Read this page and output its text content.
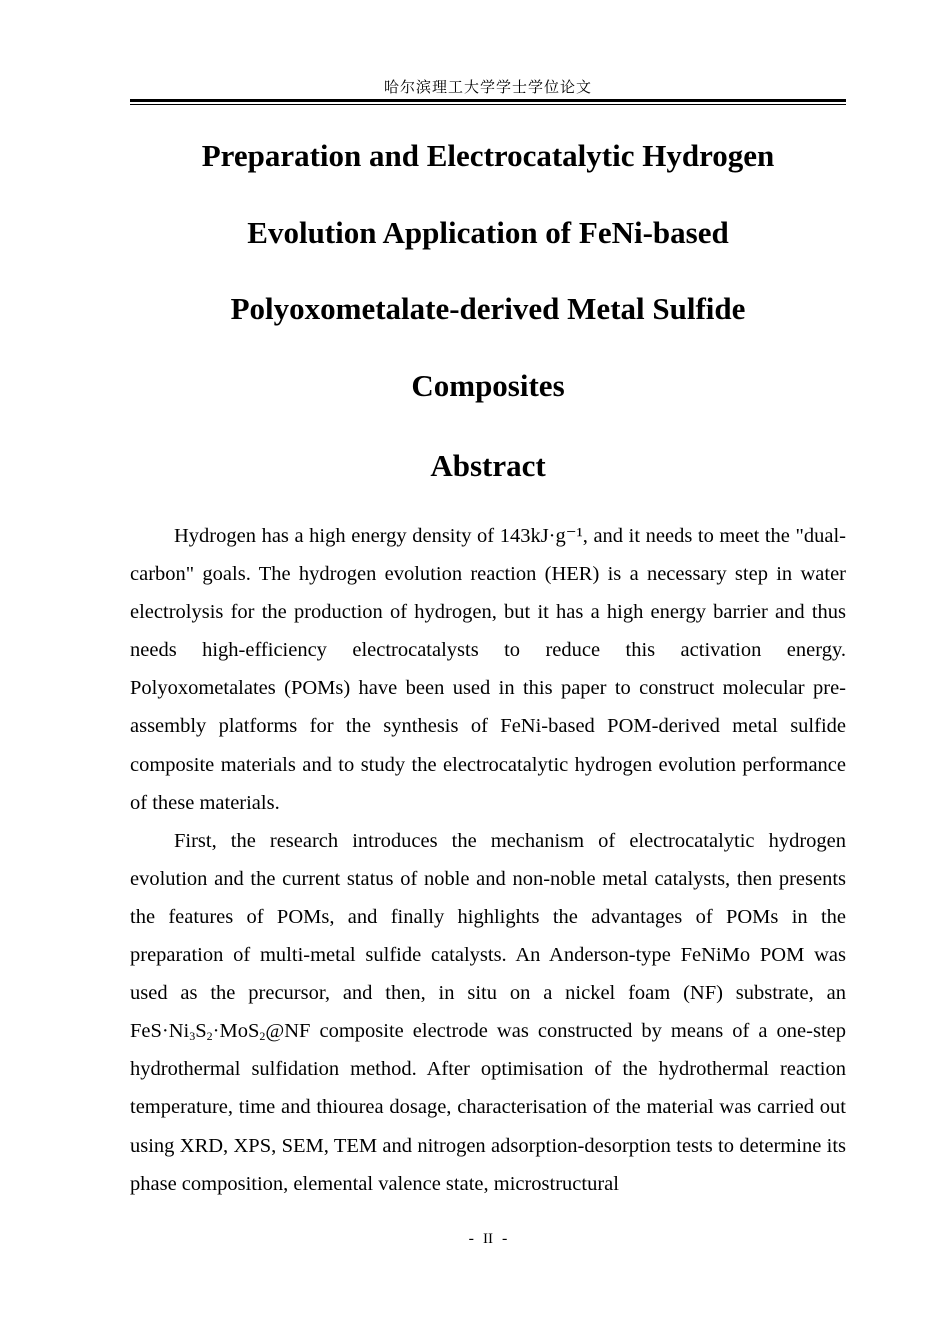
哈尔滨理工大学学士学位论文
Preparation and Electrocatalytic Hydrogen
Evolution Application of FeNi-based
Polyoxometalate-derived Metal Sulfide
Composites
Abstract

Hydrogen has a high energy density of 143kJ·g⁻¹, and it needs to meet the "dual-carbon" goals. The hydrogen evolution reaction (HER) is a necessary step in water electrolysis for the production of hydrogen, but it has a high energy barrier and thus needs high-efficiency electrocatalysts to reduce this activation energy. Polyoxometalates (POMs) have been used in this paper to construct molecular pre-assembly platforms for the synthesis of FeNi-based POM-derived metal sulfide composite materials and to study the electrocatalytic hydrogen evolution performance of these materials.

First, the research introduces the mechanism of electrocatalytic hydrogen evolution and the current status of noble and non-noble metal catalysts, then presents the features of POMs, and finally highlights the advantages of POMs in the preparation of multi-metal sulfide catalysts. An Anderson-type FeNiMo POM was used as the precursor, and then, in situ on a nickel foam (NF) substrate, an $FeS\cdot Ni_3S_2\cdot MoS_2@NF$ composite electrode was constructed by means of a one-step hydrothermal sulfidation method. After optimisation of the hydrothermal reaction temperature, time and thiourea dosage, characterisation of the material was carried out using XRD, XPS, SEM, TEM and nitrogen adsorption-desorption tests to determine its phase composition, elemental valence state, microstructural

- II -
